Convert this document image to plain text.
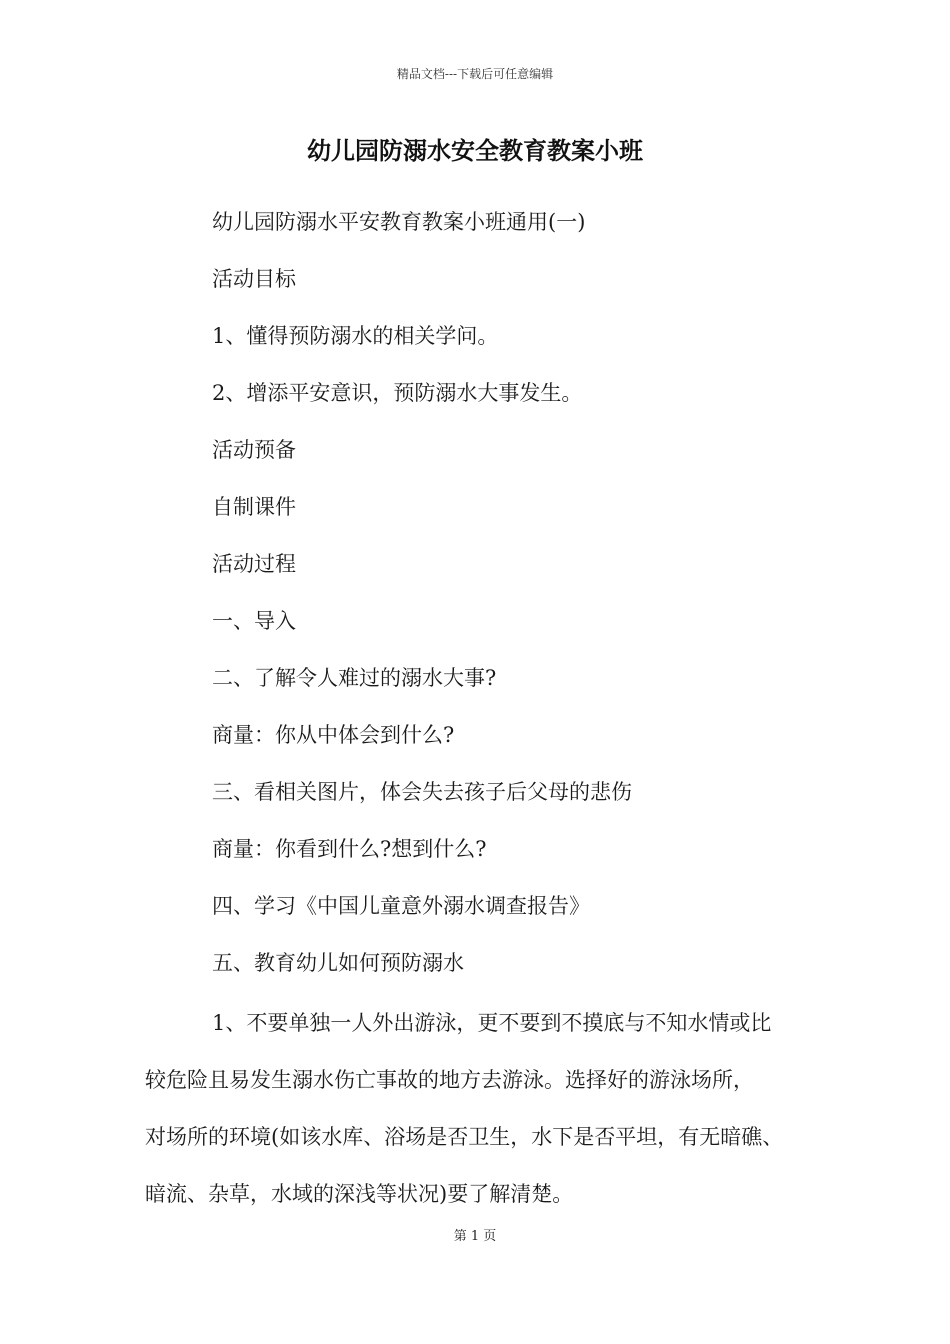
精品文档---下载后可任意编辑
幼儿园防溺水安全教育教案小班
幼儿园防溺水平安教育教案小班通用(一)
活动目标
1、懂得预防溺水的相关学问。
2、增添平安意识，预防溺水大事发生。
活动预备
自制课件
活动过程
一、导入
二、了解令人难过的溺水大事?
商量：你从中体会到什么?
三、看相关图片，体会失去孩子后父母的悲伤
商量：你看到什么?想到什么?
四、学习《中国儿童意外溺水调查报告》
五、教育幼儿如何预防溺水
1、不要单独一人外出游泳，更不要到不摸底与不知水情或比
较危险且易发生溺水伤亡事故的地方去游泳。选择好的游泳场所，
对场所的环境(如该水库、浴场是否卫生，水下是否平坦，有无暗礁、
暗流、杂草，水域的深浅等状况)要了解清楚。
第 1 页
